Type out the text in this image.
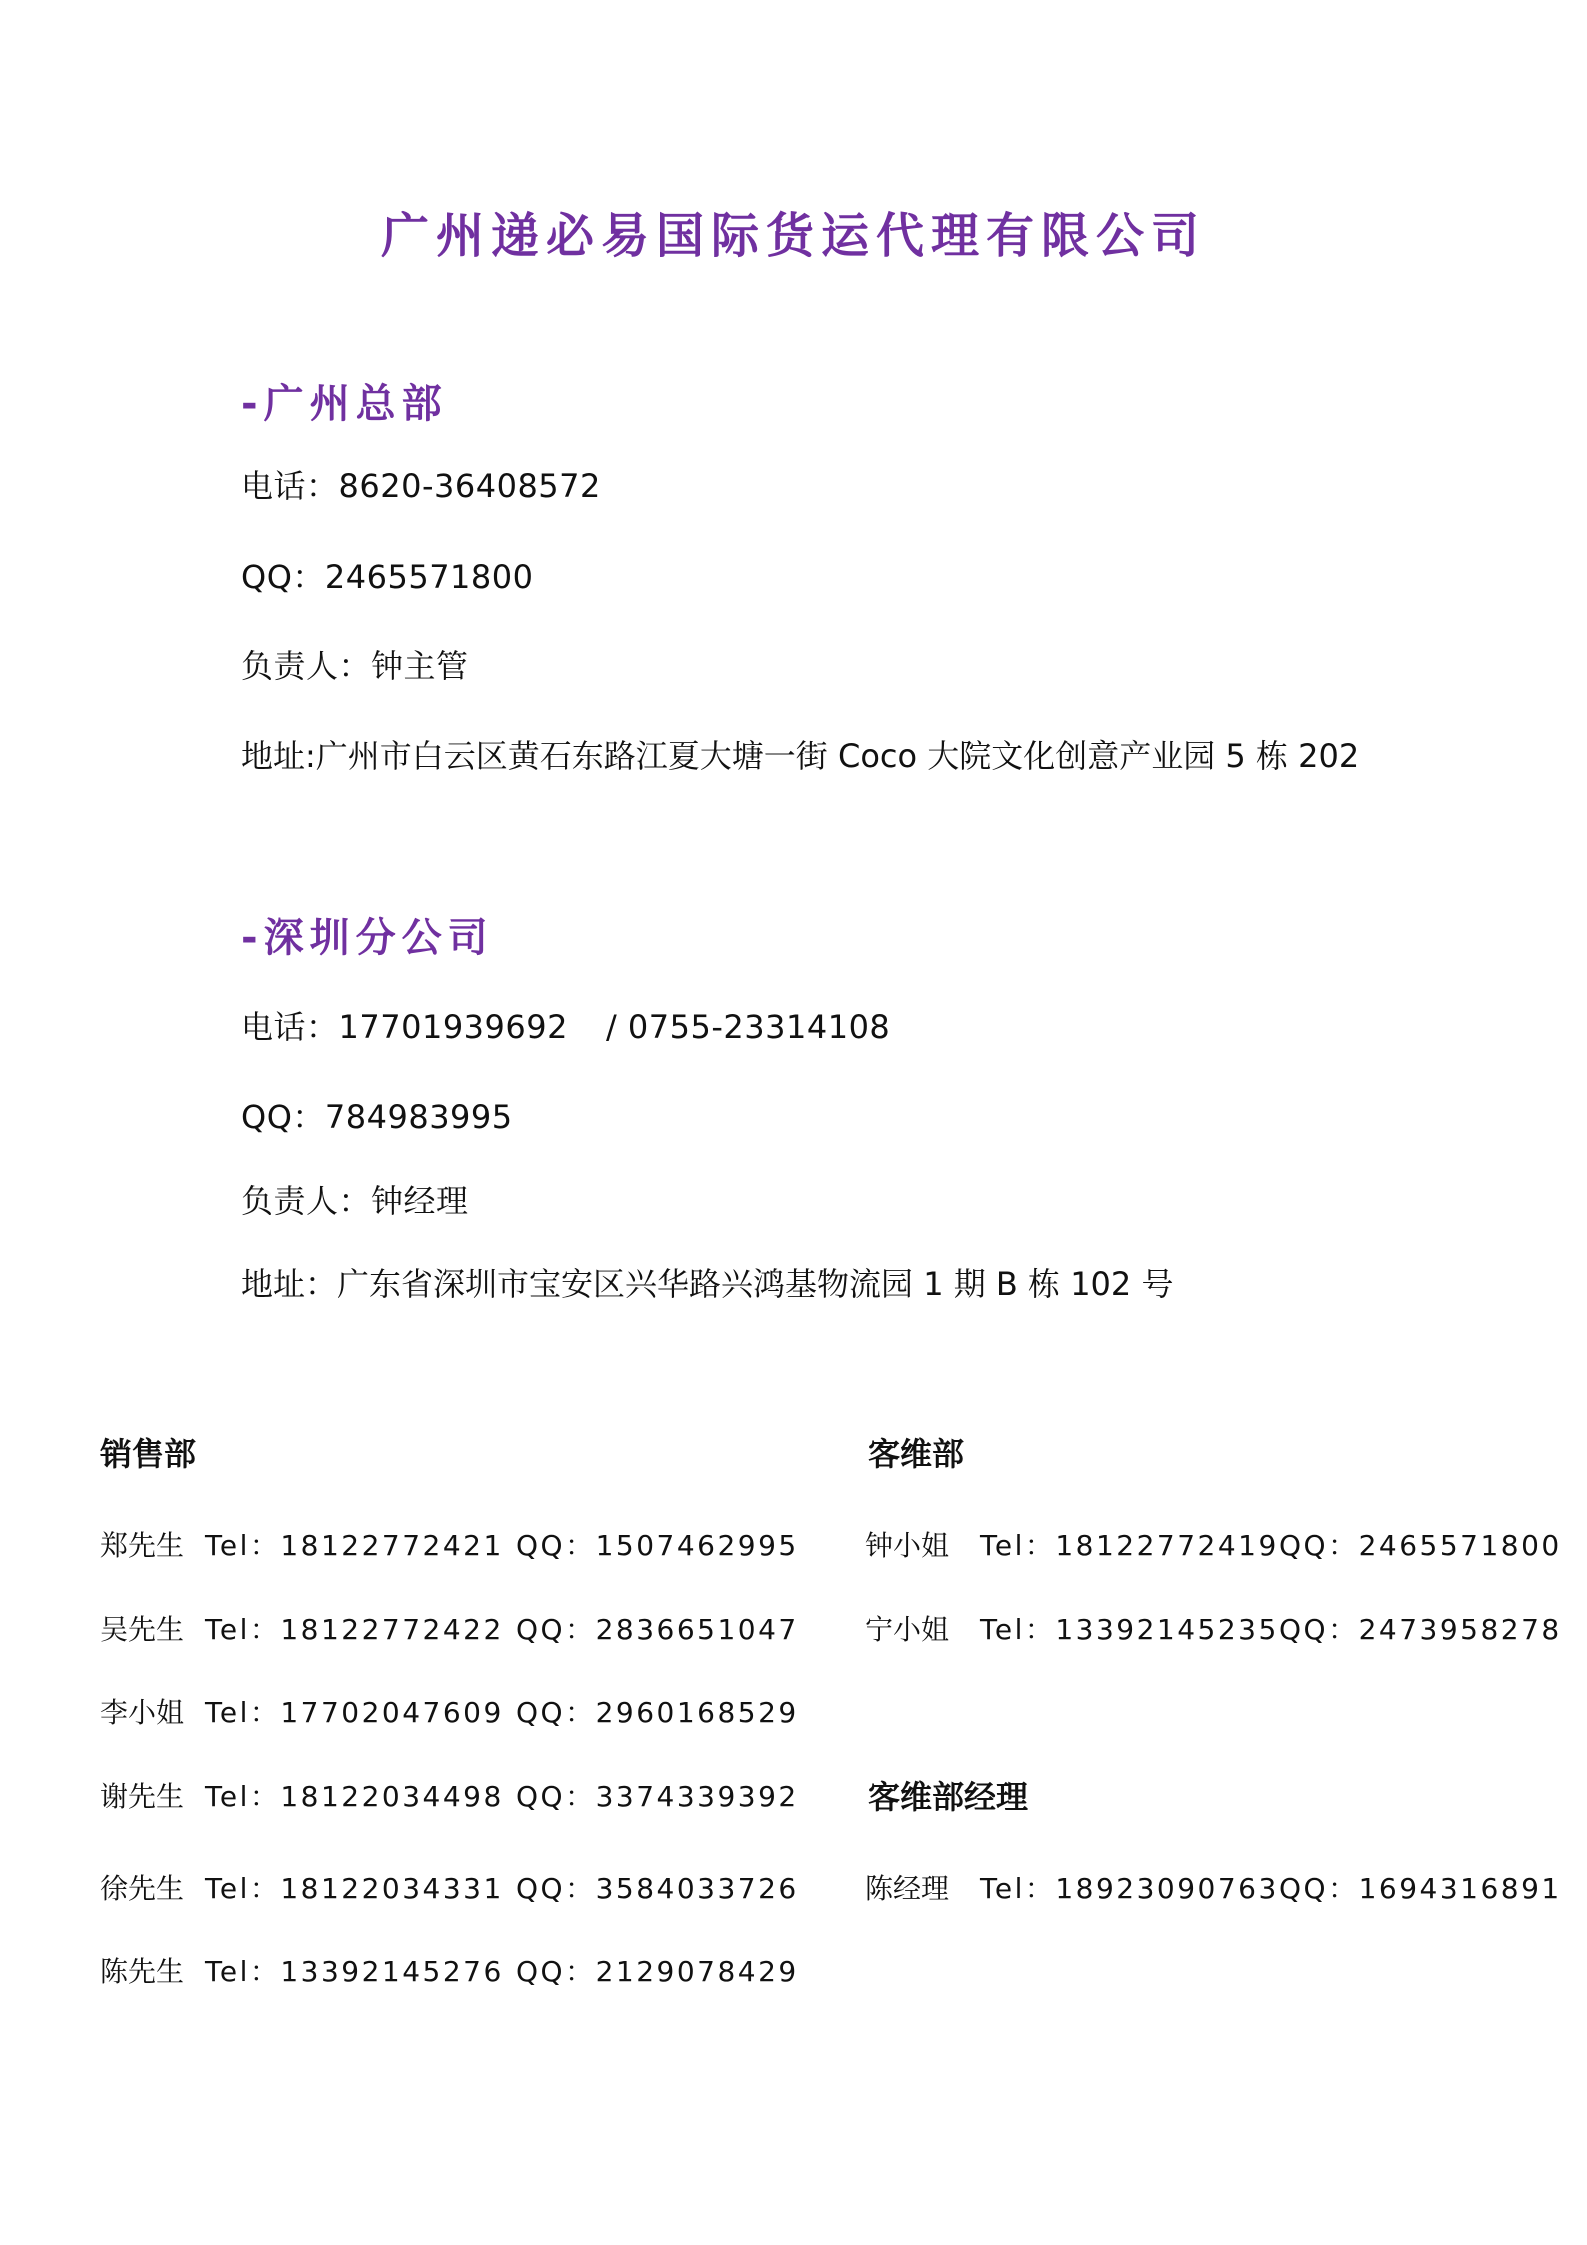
广州递必易国际货运代理有限公司
-广州总部
电话：8620-36408572
QQ：2465571800
负责人：钟主管
地址:广州市白云区黄石东路江夏大塘一街 Coco 大院文化创意产业园 5 栋 202
-深圳分公司
电话：17701939692 / 0755-23314108
QQ：784983995
负责人：钟经理
地址：广东省深圳市宝安区兴华路兴鸿基物流园 1 期 B 栋 102 号
销售部
郑先生 Tel：18122772421 QQ：1507462995
吴先生 Tel：18122772422 QQ：2836651047
李小姐 Tel：17702047609 QQ：2960168529
谢先生 Tel：18122034498 QQ：3374339392
徐先生 Tel：18122034331 QQ：3584033726
陈先生 Tel：13392145276 QQ：2129078429
客维部
钟小姐 Tel：18122772419 QQ：2465571800
宁小姐 Tel：13392145235 QQ：2473958278
客维部经理
陈经理 Tel：18923090763 QQ：1694316891
